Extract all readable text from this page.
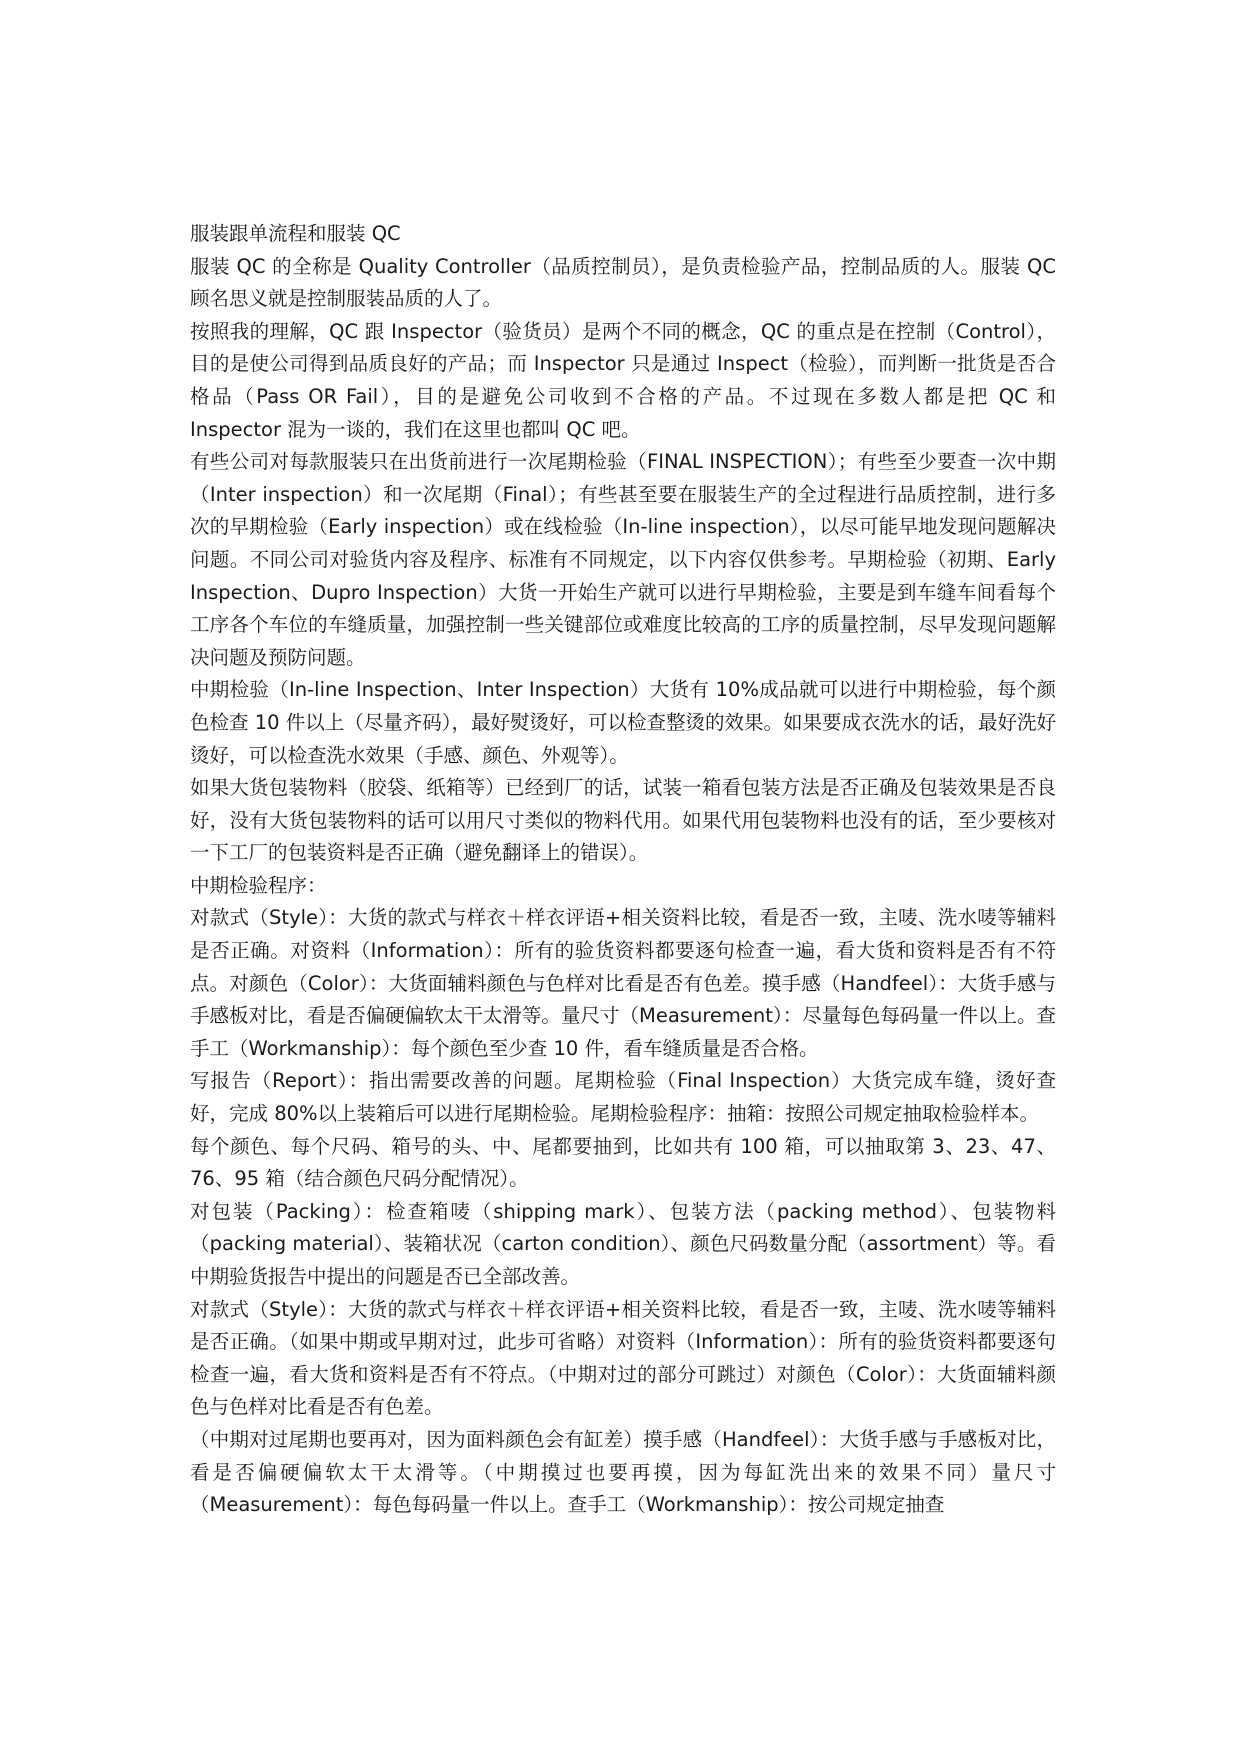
服装跟单流程和服装 QC

服装 QC 的全称是 Quality Controller（品质控制员），是负责检验产品，控制品质的人。服装 QC 顾名思义就是控制服装品质的人了。

按照我的理解，QC 跟 Inspector（验货员）是两个不同的概念，QC 的重点是在控制（Control），目的是使公司得到品质良好的产品；而 Inspector 只是通过 Inspect（检验），而判断一批货是否合格品（Pass OR Fail），目的是避免公司收到不合格的产品。不过现在多数人都是把 QC 和 Inspector 混为一谈的，我们在这里也都叫 QC 吧。

有些公司对每款服装只在出货前进行一次尾期检验（FINAL INSPECTION）；有些至少要查一次中期（Inter inspection）和一次尾期（Final）；有些甚至要在服装生产的全过程进行品质控制，进行多次的早期检验（Early inspection）或在线检验（In-line inspection），以尽可能早地发现问题解决问题。不同公司对验货内容及程序、标准有不同规定，以下内容仅供参考。早期检验（初期、Early Inspection、Dupro Inspection）大货一开始生产就可以进行早期检验，主要是到车缝车间看每个工序各个车位的车缝质量，加强控制一些关键部位或难度比较高的工序的质量控制，尽早发现问题解决问题及预防问题。

中期检验（In-line Inspection、Inter Inspection）大货有 10%成品就可以进行中期检验，每个颜色检查 10 件以上（尽量齐码），最好熨烫好，可以检查整烫的效果。如果要成衣洗水的话，最好洗好烫好，可以检查洗水效果（手感、颜色、外观等）。

如果大货包装物料（胶袋、纸箱等）已经到厂的话，试装一箱看包装方法是否正确及包装效果是否良好，没有大货包装物料的话可以用尺寸类似的物料代用。如果代用包装物料也没有的话，至少要核对一下工厂的包装资料是否正确（避免翻译上的错误）。

中期检验程序：

对款式（Style）：大货的款式与样衣＋样衣评语+相关资料比较，看是否一致，主唛、洗水唛等辅料是否正确。对资料（Information）：所有的验货资料都要逐句检查一遍，看大货和资料是否有不符点。对颜色（Color）：大货面辅料颜色与色样对比看是否有色差。摸手感（Handfeel）：大货手感与手感板对比，看是否偏硬偏软太干太滑等。量尺寸（Measurement）：尽量每色每码量一件以上。查手工（Workmanship）：每个颜色至少查 10 件，看车缝质量是否合格。

写报告（Report）：指出需要改善的问题。尾期检验（Final Inspection）大货完成车缝，烫好查好，完成 80%以上装箱后可以进行尾期检验。尾期检验程序：抽箱：按照公司规定抽取检验样本。

每个颜色、每个尺码、箱号的头、中、尾都要抽到，比如共有 100 箱，可以抽取第 3、23、47、76、95 箱（结合颜色尺码分配情况）。

对包装（Packing）：检查箱唛（shipping mark）、包装方法（packing method）、包装物料（packing material）、装箱状况（carton condition）、颜色尺码数量分配（assortment）等。看中期验货报告中提出的问题是否已全部改善。

对款式（Style）：大货的款式与样衣＋样衣评语+相关资料比较，看是否一致，主唛、洗水唛等辅料是否正确。（如果中期或早期对过，此步可省略）对资料（Information）：所有的验货资料都要逐句检查一遍，看大货和资料是否有不符点。（中期对过的部分可跳过）对颜色（Color）：大货面辅料颜色与色样对比看是否有色差。

（中期对过尾期也要再对，因为面料颜色会有缸差）摸手感（Handfeel）：大货手感与手感板对比，看是否偏硬偏软太干太滑等。（中期摸过也要再摸，因为每缸洗出来的效果不同）量尺寸（Measurement）：每色每码量一件以上。查手工（Workmanship）：按公司规定抽查
